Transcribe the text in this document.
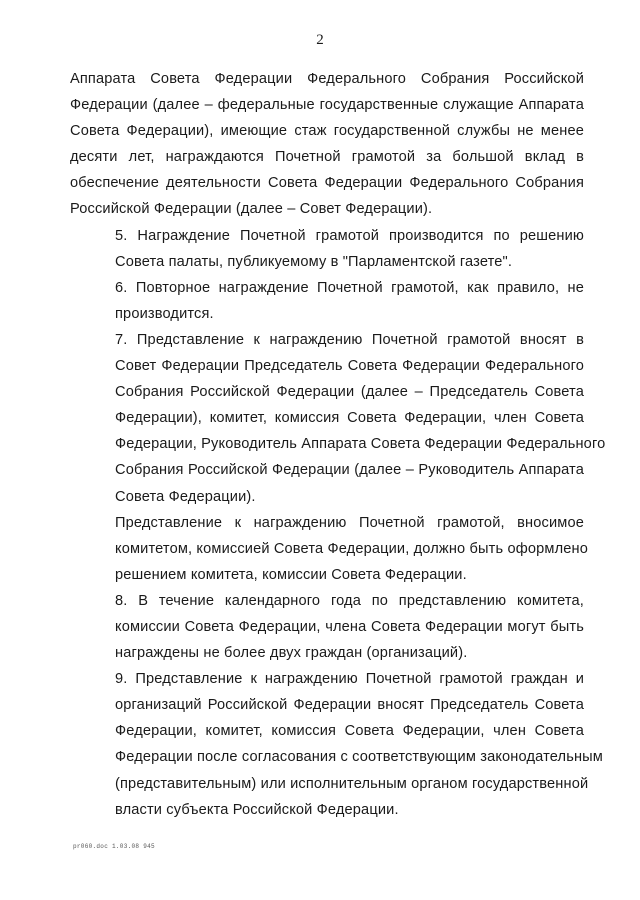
2

Аппарата Совета Федерации Федерального Собрания Российской
Федерации (далее – федеральные государственные служащие Аппарата
Совета Федерации), имеющие стаж государственной службы не менее
десяти лет, награждаются Почетной грамотой за большой вклад в
обеспечение деятельности Совета Федерации Федерального Собрания
Российской Федерации (далее – Совет Федерации).

5. Награждение Почетной грамотой производится по решению
Совета палаты, публикуемому в "Парламентской газете".

6. Повторное награждение Почетной грамотой, как правило, не
производится.

7. Представление к награждению Почетной грамотой вносят в
Совет Федерации Председатель Совета Федерации Федерального
Собрания Российской Федерации (далее – Председатель Совета
Федерации), комитет, комиссия Совета Федерации, член Совета
Федерации, Руководитель Аппарата Совета Федерации Федерального
Собрания Российской Федерации (далее – Руководитель Аппарата
Совета Федерации).

Представление к награждению Почетной грамотой, вносимое
комитетом, комиссией Совета Федерации, должно быть оформлено
решением комитета, комиссии Совета Федерации.

8. В течение календарного года по представлению комитета,
комиссии Совета Федерации, члена Совета Федерации могут быть
награждены не более двух граждан (организаций).

9. Представление к награждению Почетной грамотой граждан и
организаций Российской Федерации вносят Председатель Совета
Федерации, комитет, комиссия Совета Федерации, член Совета
Федерации после согласования с соответствующим законодательным
(представительным) или исполнительным органом государственной
власти субъекта Российской Федерации.

pr060.doc 1.03.08 945
